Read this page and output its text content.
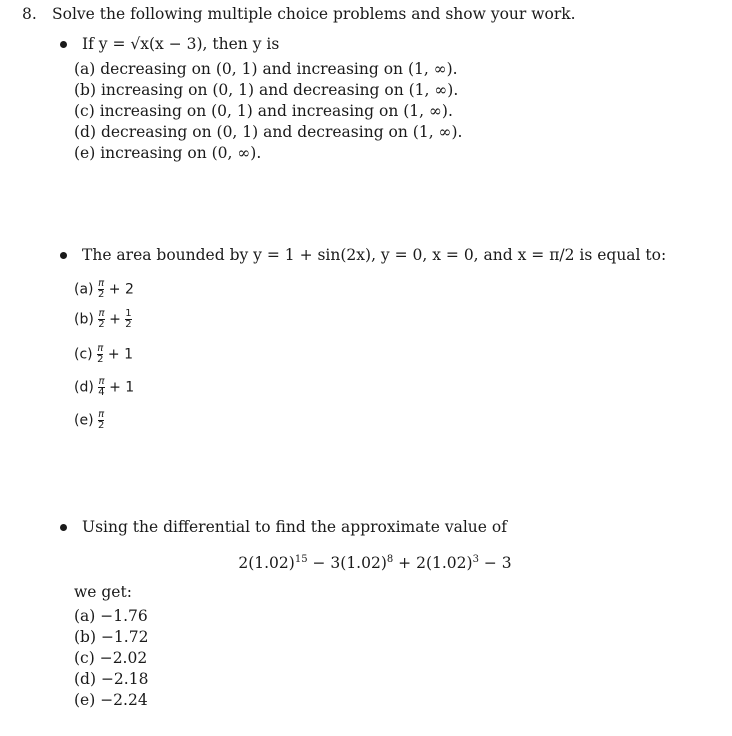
8. Solve the following multiple choice problems and show your work.
If y = √x(x − 3), then y is
(a) decreasing on (0, 1) and increasing on (1, ∞).
(b) increasing on (0, 1) and decreasing on (1, ∞).
(c) increasing on (0, 1) and increasing on (1, ∞).
(d) decreasing on (0, 1) and decreasing on (1, ∞).
(e) increasing on (0, ∞).
The area bounded by y = 1 + sin(2x), y = 0, x = 0, and x = π/2 is equal to:
$(a) \frac{\pi}{2} + 2$
$(b) \frac{\pi}{2} + \frac{1}{2}$
$(c) \frac{\pi}{2} + 1$
$(d) \frac{\pi}{4} + 1$
$(e) \frac{\pi}{2}$
Using the differential to find the approximate value of
$2(1.02)^{15} - 3(1.02)^8 + 2(1.02)^3 - 3$
we get:
(a) −1.76
(b) −1.72
(c) −2.02
(d) −2.18
(e) −2.24
